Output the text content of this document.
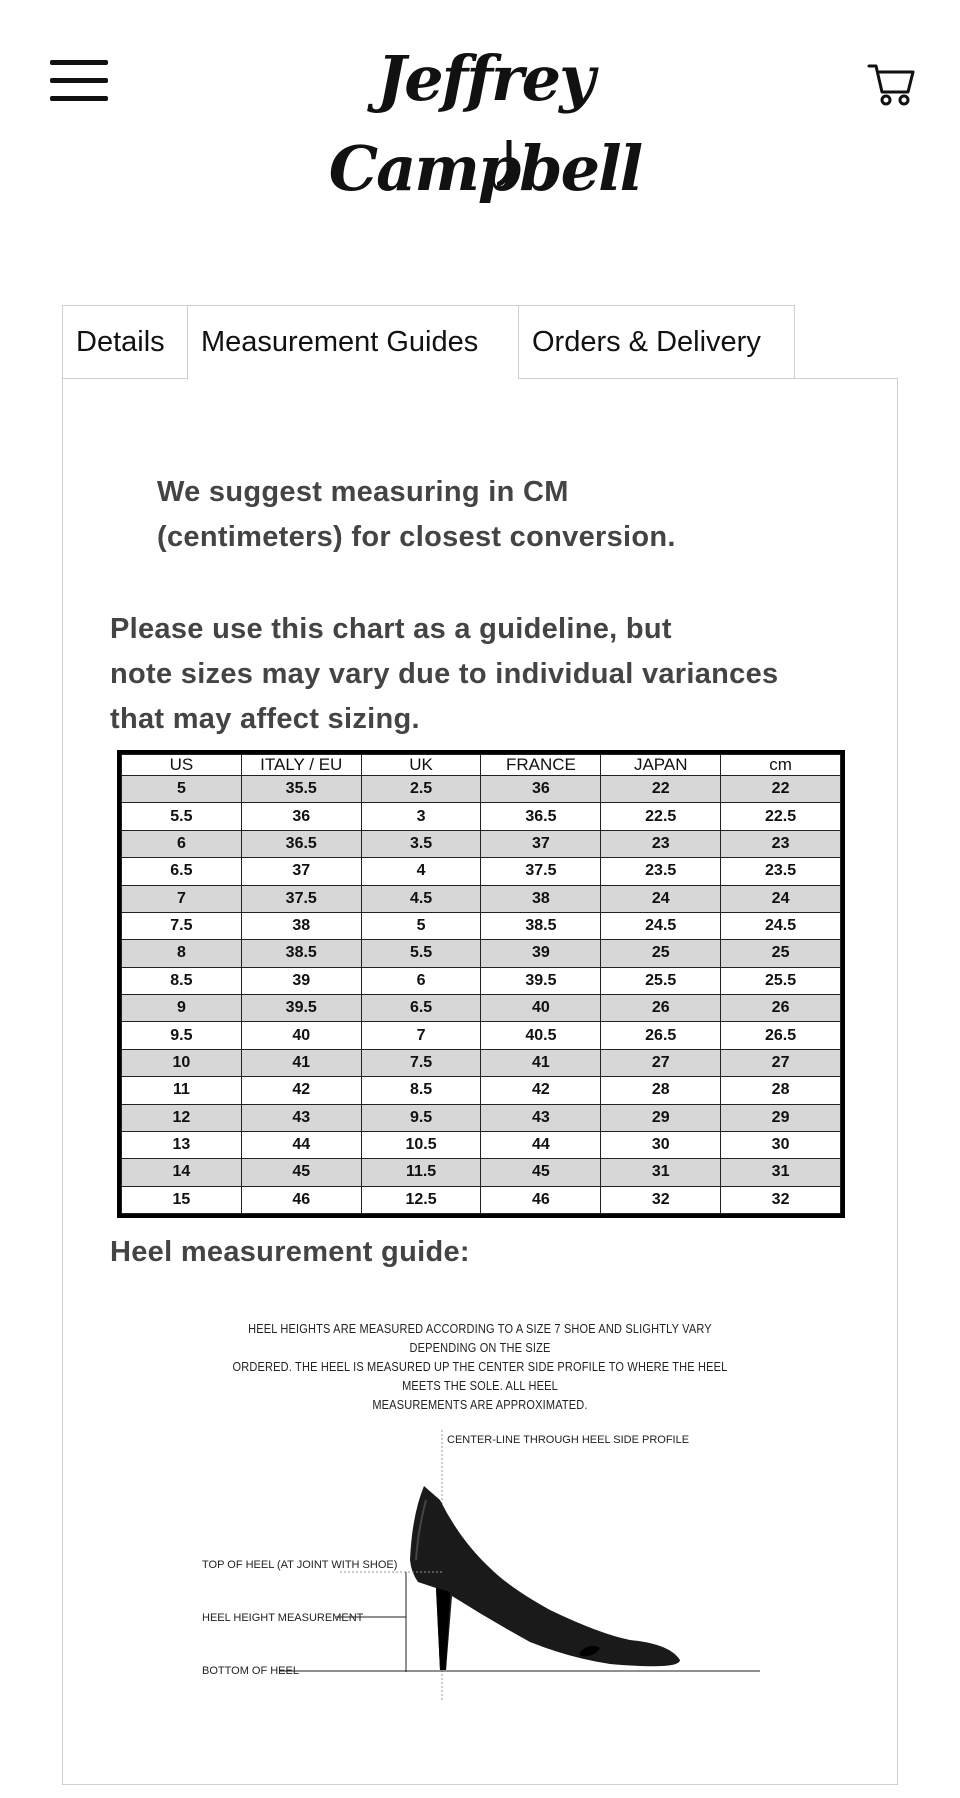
Jeffrey Campbell
Details	Measurement Guides	Orders & Delivery
We suggest measuring in CM
(centimeters) for closest conversion.
Please use this chart as a guideline, but
note sizes may vary due to individual variances
that may affect sizing.
US	ITALY / EU	UK	FRANCE	JAPAN	cm
5	35.5	2.5	36	22	22
5.5	36	3	36.5	22.5	22.5
6	36.5	3.5	37	23	23
6.5	37	4	37.5	23.5	23.5
7	37.5	4.5	38	24	24
7.5	38	5	38.5	24.5	24.5
8	38.5	5.5	39	25	25
8.5	39	6	39.5	25.5	25.5
9	39.5	6.5	40	26	26
9.5	40	7	40.5	26.5	26.5
10	41	7.5	41	27	27
11	42	8.5	42	28	28
12	43	9.5	43	29	29
13	44	10.5	44	30	30
14	45	11.5	45	31	31
15	46	12.5	46	32	32
Heel measurement guide:
HEEL HEIGHTS ARE MEASURED ACCORDING TO A SIZE 7 SHOE AND SLIGHTLY VARY DEPENDING ON THE SIZE
ORDERED. THE HEEL IS MEASURED UP THE CENTER SIDE PROFILE TO WHERE THE HEEL MEETS THE SOLE. ALL HEEL
MEASUREMENTS ARE APPROXIMATED.
CENTER-LINE THROUGH HEEL SIDE PROFILE
TOP OF HEEL (AT JOINT WITH SHOE)
HEEL HEIGHT MEASUREMENT
BOTTOM OF HEEL
